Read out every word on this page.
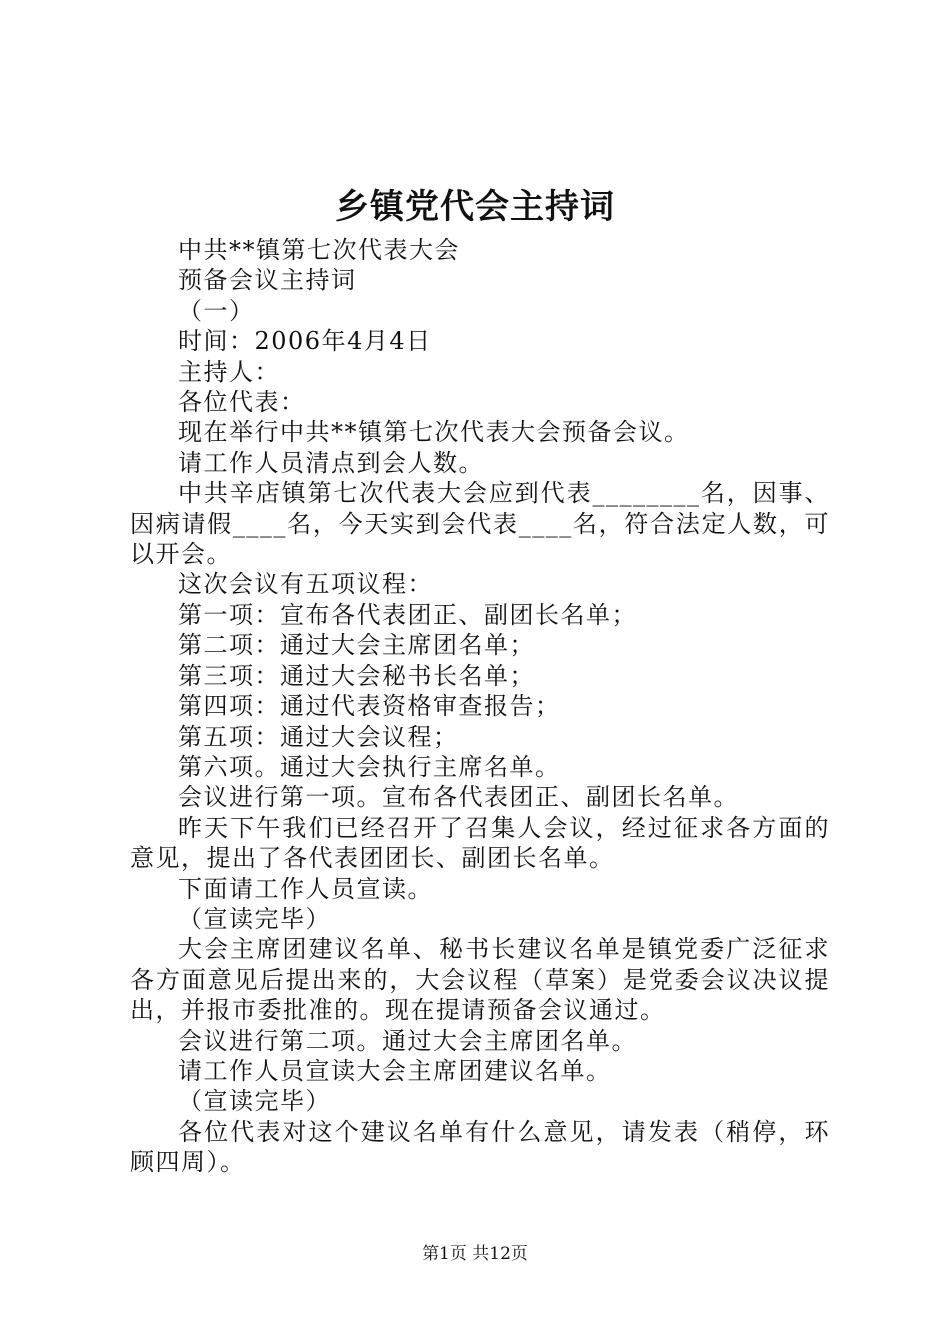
乡镇党代会主持词

中共**镇第七次代表大会

预备会议主持词

（一）

时间：2006年4月4日

主持人：

各位代表：

现在举行中共**镇第七次代表大会预备会议。

请工作人员清点到会人数。

中共辛店镇第七次代表大会应到代表________名，因事、因病请假____名，今天实到会代表____名，符合法定人数，可以开会。

这次会议有五项议程：

第一项：宣布各代表团正、副团长名单；

第二项：通过大会主席团名单；

第三项：通过大会秘书长名单；

第四项：通过代表资格审查报告；

第五项：通过大会议程；

第六项。通过大会执行主席名单。

会议进行第一项。宣布各代表团正、副团长名单。

昨天下午我们已经召开了召集人会议，经过征求各方面的意见，提出了各代表团团长、副团长名单。

下面请工作人员宣读。

（宣读完毕）

大会主席团建议名单、秘书长建议名单是镇党委广泛征求各方面意见后提出来的，大会议程（草案）是党委会议决议提出，并报市委批准的。现在提请预备会议通过。

会议进行第二项。通过大会主席团名单。

请工作人员宣读大会主席团建议名单。

（宣读完毕）

各位代表对这个建议名单有什么意见，请发表（稍停，环顾四周）。

第1页 共12页
